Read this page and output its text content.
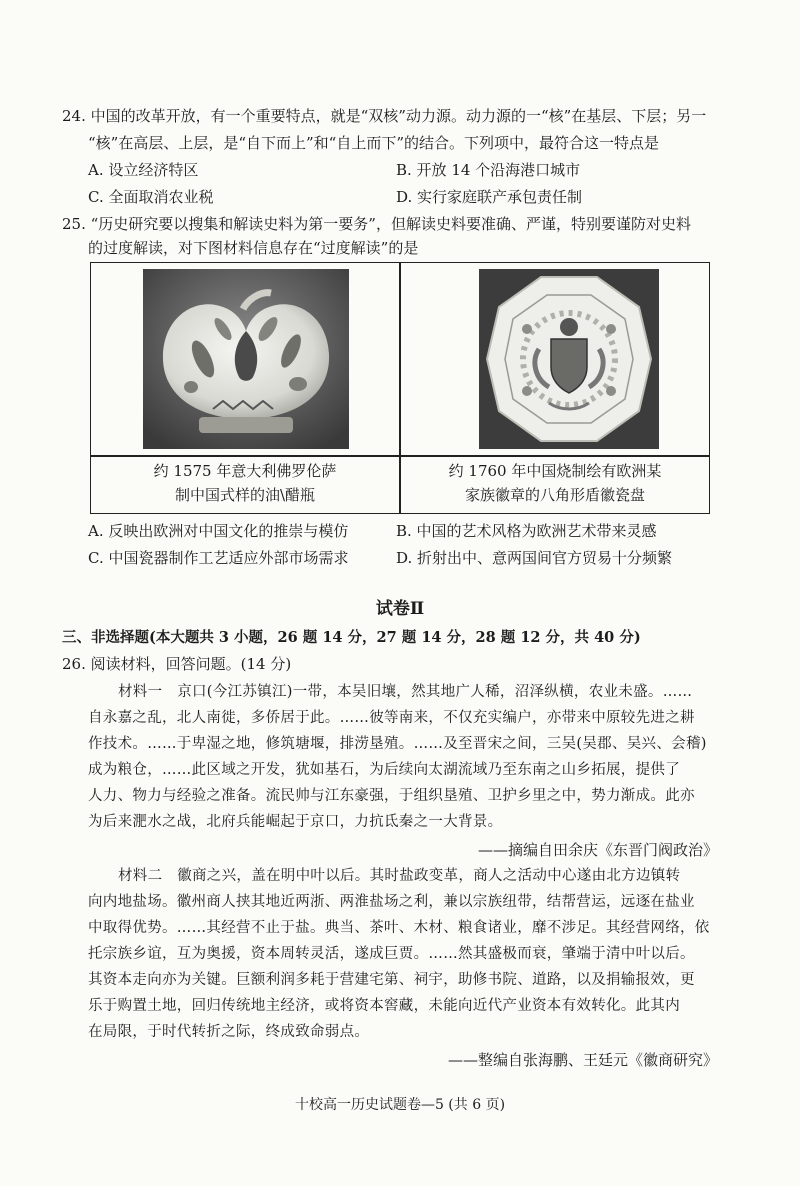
24. 中国的改革开放，有一个重要特点，就是“双核”动力源。动力源的一“核”在基层、下层；另一
“核”在高层、上层，是“自下而上”和“自上而下”的结合。下列项中，最符合这一特点是
A. 设立经济特区	B. 开放 14 个沿海港口城市
C. 全面取消农业税	D. 实行家庭联产承包责任制
25. “历史研究要以搜集和解读史料为第一要务”，但解读史料要准确、严谨，特别要谨防对史料
的过度解读，对下图材料信息存在“过度解读”的是
约 1575 年意大利佛罗伦萨
制中国式样的油\醋瓶
约 1760 年中国烧制绘有欧洲某
家族徽章的八角形盾徽瓷盘
A. 反映出欧洲对中国文化的推崇与模仿	B. 中国的艺术风格为欧洲艺术带来灵感
C. 中国瓷器制作工艺适应外部市场需求	D. 折射出中、意两国间官方贸易十分频繁
试卷Ⅱ
三、非选择题(本大题共 3 小题，26 题 14 分，27 题 14 分，28 题 12 分，共 40 分)
26. 阅读材料，回答问题。(14 分)
材料一　京口(今江苏镇江)一带，本吴旧壤，然其地广人稀，沼泽纵横，农业未盛。……
自永嘉之乱，北人南徙，多侨居于此。……彼等南来，不仅充实编户，亦带来中原较先进之耕
作技术。……于卑湿之地，修筑塘堰，排涝垦殖。……及至晋宋之间，三吴(吴郡、吴兴、会稽)
成为粮仓，……此区域之开发，犹如基石，为后续向太湖流域乃至东南之山乡拓展，提供了
人力、物力与经验之准备。流民帅与江东豪强，于组织垦殖、卫护乡里之中，势力渐成。此亦
为后来淝水之战，北府兵能崛起于京口，力抗氐秦之一大背景。
——摘编自田余庆《东晋门阀政治》
材料二　徽商之兴，盖在明中叶以后。其时盐政变革，商人之活动中心遂由北方边镇转
向内地盐场。徽州商人挟其地近两浙、两淮盐场之利，兼以宗族纽带，结帮营运，远逐在盐业
中取得优势。……其经营不止于盐。典当、茶叶、木材、粮食诸业，靡不涉足。其经营网络，依
托宗族乡谊，互为奥援，资本周转灵活，遂成巨贾。……然其盛极而衰，肇端于清中叶以后。
其资本走向亦为关键。巨额利润多耗于营建宅第、祠宇，助修书院、道路，以及捐输报效，更
乐于购置土地，回归传统地主经济，或将资本窖藏，未能向近代产业资本有效转化。此其内
在局限，于时代转折之际，终成致命弱点。
——整编自张海鹏、王廷元《徽商研究》
十校高一历史试题卷—5 (共 6 页)
